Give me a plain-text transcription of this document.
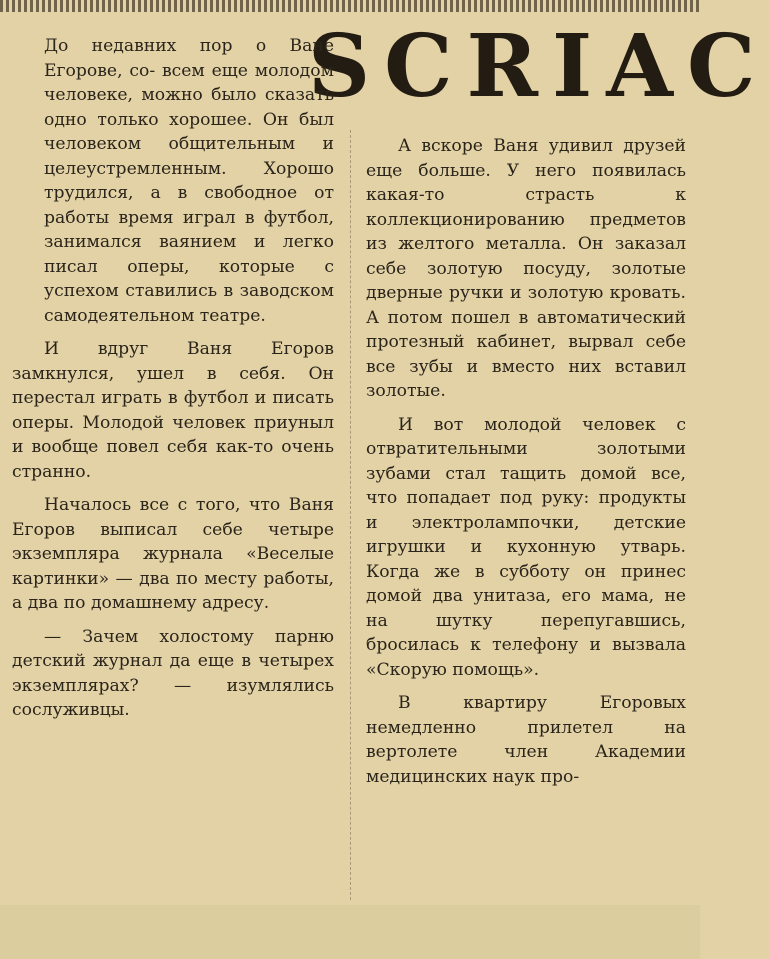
SCRIAC

До недавних пор о Ване Егорове, со- всем еще молодом человеке, можно было сказать одно только хорошее. Он был человеком общительным и целеустремленным. Хорошо трудился, а в свободное от работы время играл в футбол, занимался ваянием и легко писал оперы, которые с успехом ставились в заводском самодеятельном театре.

И вдруг Ваня Егоров замкнулся, ушел в себя. Он перестал играть в футбол и писать оперы. Молодой человек приуныл и вообще повел себя как-то очень странно.

Началось все с того, что Ваня Егоров выписал себе четыре экземпляра журнала «Веселые картинки» — два по месту работы, а два по домашнему адресу.

— Зачем холостому парню детский журнал да еще в четырех экземплярах? — изумлялись сослуживцы.

А вскоре Ваня удивил друзей еще больше. У него появилась какая-то страсть к коллекционированию предметов из желтого металла. Он заказал себе золотую посуду, золотые дверные ручки и золотую кровать. А потом пошел в автоматический протезный кабинет, вырвал себе все зубы и вместо них вставил золотые.

И вот молодой человек с отвратительными золотыми зубами стал тащить домой все, что попадает под руку: продукты и электролампочки, детские игрушки и кухонную утварь. Когда же в субботу он принес домой два унитаза, его мама, не на шутку перепугавшись, бросилась к телефону и вызвала «Скорую помощь».

В квартиру Егоровых немедленно прилетел на вертолете член Академии медицинских наук про-
